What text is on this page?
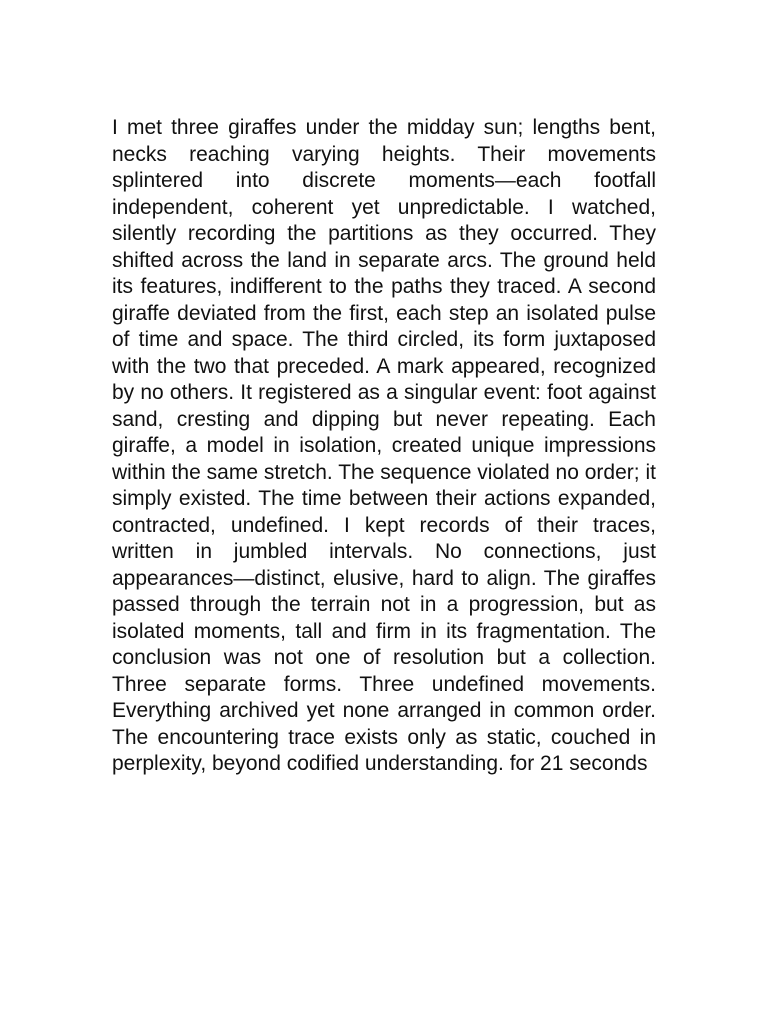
I met three giraffes under the midday sun; lengths bent, necks reaching varying heights. Their movements splintered into discrete moments—each footfall independent, coherent yet unpredictable. I watched, silently recording the partitions as they occurred. They shifted across the land in separate arcs. The ground held its features, indifferent to the paths they traced. A second giraffe deviated from the first, each step an isolated pulse of time and space. The third circled, its form juxtaposed with the two that preceded. A mark appeared, recognized by no others. It registered as a singular event: foot against sand, cresting and dipping but never repeating. Each giraffe, a model in isolation, created unique impressions within the same stretch. The sequence violated no order; it simply existed. The time between their actions expanded, contracted, undefined. I kept records of their traces, written in jumbled intervals. No connections, just appearances—distinct, elusive, hard to align. The giraffes passed through the terrain not in a progression, but as isolated moments, tall and firm in its fragmentation. The conclusion was not one of resolution but a collection. Three separate forms. Three undefined movements. Everything archived yet none arranged in common order. The encountering trace exists only as static, couched in perplexity, beyond codified understanding. for 21 seconds
